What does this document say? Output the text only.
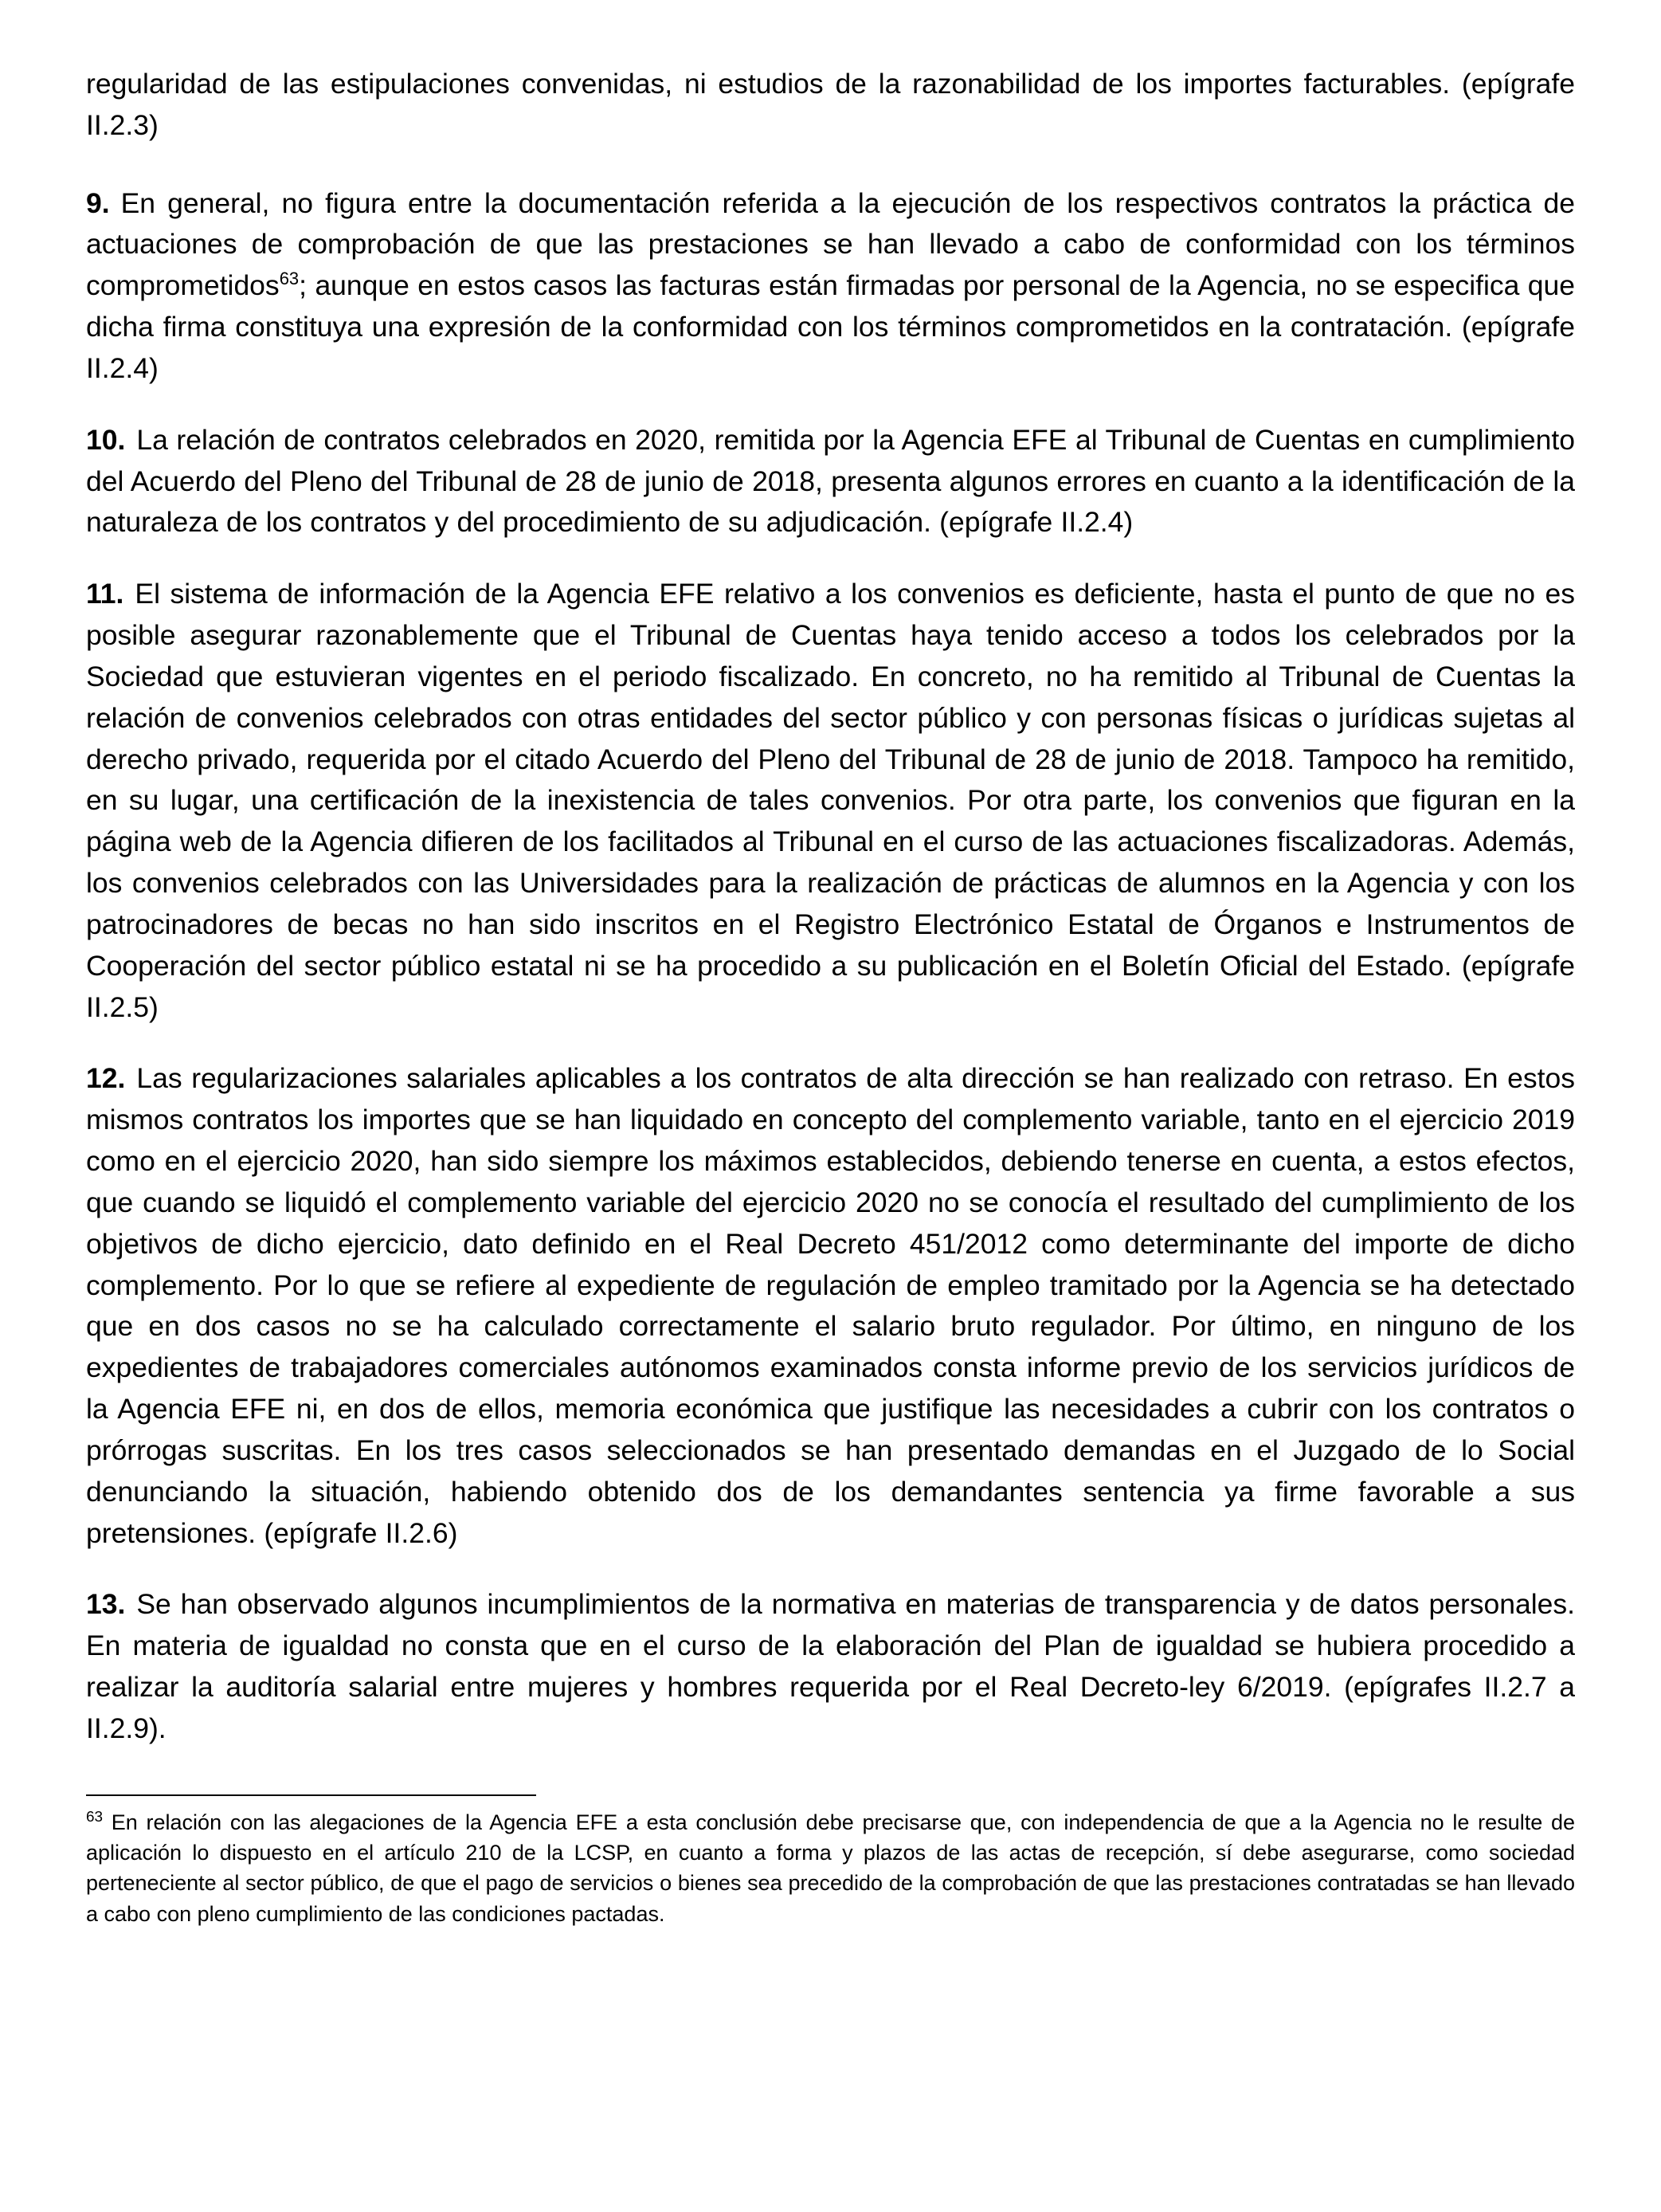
regularidad de las estipulaciones convenidas, ni estudios de la razonabilidad de los importes facturables. (epígrafe II.2.3)

9. En general, no figura entre la documentación referida a la ejecución de los respectivos contratos la práctica de actuaciones de comprobación de que las prestaciones se han llevado a cabo de conformidad con los términos comprometidos$^{63}$; aunque en estos casos las facturas están firmadas por personal de la Agencia, no se especifica que dicha firma constituya una expresión de la conformidad con los términos comprometidos en la contratación. (epígrafe II.2.4)

10. La relación de contratos celebrados en 2020, remitida por la Agencia EFE al Tribunal de Cuentas en cumplimiento del Acuerdo del Pleno del Tribunal de 28 de junio de 2018, presenta algunos errores en cuanto a la identificación de la naturaleza de los contratos y del procedimiento de su adjudicación. (epígrafe II.2.4)

11. El sistema de información de la Agencia EFE relativo a los convenios es deficiente, hasta el punto de que no es posible asegurar razonablemente que el Tribunal de Cuentas haya tenido acceso a todos los celebrados por la Sociedad que estuvieran vigentes en el periodo fiscalizado. En concreto, no ha remitido al Tribunal de Cuentas la relación de convenios celebrados con otras entidades del sector público y con personas físicas o jurídicas sujetas al derecho privado, requerida por el citado Acuerdo del Pleno del Tribunal de 28 de junio de 2018. Tampoco ha remitido, en su lugar, una certificación de la inexistencia de tales convenios. Por otra parte, los convenios que figuran en la página web de la Agencia difieren de los facilitados al Tribunal en el curso de las actuaciones fiscalizadoras. Además, los convenios celebrados con las Universidades para la realización de prácticas de alumnos en la Agencia y con los patrocinadores de becas no han sido inscritos en el Registro Electrónico Estatal de Órganos e Instrumentos de Cooperación del sector público estatal ni se ha procedido a su publicación en el Boletín Oficial del Estado. (epígrafe II.2.5)

12. Las regularizaciones salariales aplicables a los contratos de alta dirección se han realizado con retraso. En estos mismos contratos los importes que se han liquidado en concepto del complemento variable, tanto en el ejercicio 2019 como en el ejercicio 2020, han sido siempre los máximos establecidos, debiendo tenerse en cuenta, a estos efectos, que cuando se liquidó el complemento variable del ejercicio 2020 no se conocía el resultado del cumplimiento de los objetivos de dicho ejercicio, dato definido en el Real Decreto 451/2012 como determinante del importe de dicho complemento. Por lo que se refiere al expediente de regulación de empleo tramitado por la Agencia se ha detectado que en dos casos no se ha calculado correctamente el salario bruto regulador. Por último, en ninguno de los expedientes de trabajadores comerciales autónomos examinados consta informe previo de los servicios jurídicos de la Agencia EFE ni, en dos de ellos, memoria económica que justifique las necesidades a cubrir con los contratos o prórrogas suscritas. En los tres casos seleccionados se han presentado demandas en el Juzgado de lo Social denunciando la situación, habiendo obtenido dos de los demandantes sentencia ya firme favorable a sus pretensiones. (epígrafe II.2.6)

13. Se han observado algunos incumplimientos de la normativa en materias de transparencia y de datos personales. En materia de igualdad no consta que en el curso de la elaboración del Plan de igualdad se hubiera procedido a realizar la auditoría salarial entre mujeres y hombres requerida por el Real Decreto-ley 6/2019. (epígrafes II.2.7 a II.2.9).

$^{63}$ En relación con las alegaciones de la Agencia EFE a esta conclusión debe precisarse que, con independencia de que a la Agencia no le resulte de aplicación lo dispuesto en el artículo 210 de la LCSP, en cuanto a forma y plazos de las actas de recepción, sí debe asegurarse, como sociedad perteneciente al sector público, de que el pago de servicios o bienes sea precedido de la comprobación de que las prestaciones contratadas se han llevado a cabo con pleno cumplimiento de las condiciones pactadas.
